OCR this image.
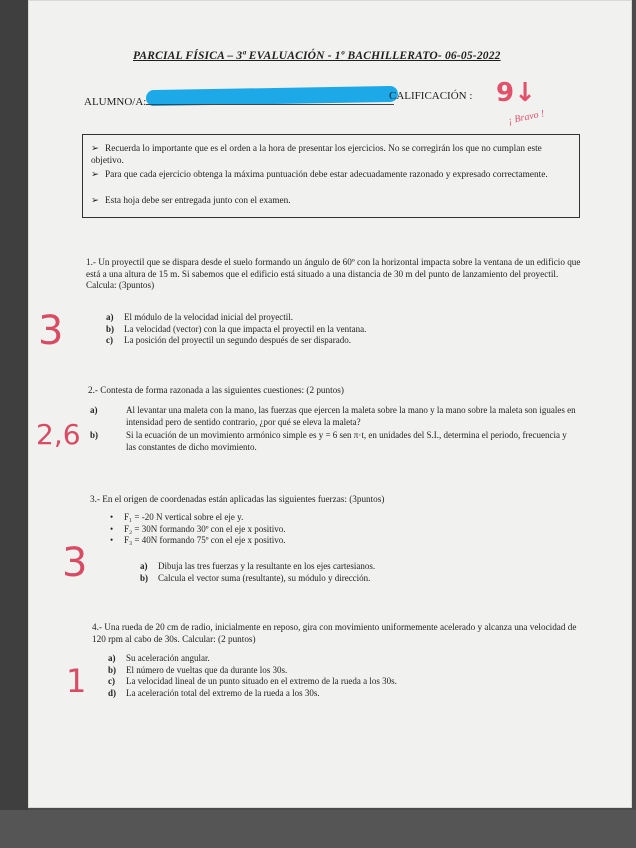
PARCIAL FÍSICA – 3ª EVALUACIÓN - 1º BACHILLERATO- 06-05-2022
ALUMNO/A:	CALIFICACIÓN : 9↓
¡ Bravo !
➢ Recuerda lo importante que es el orden a la hora de presentar los ejercicios. No se corregirán los que no cumplan este objetivo.
➢ Para que cada ejercicio obtenga la máxima puntuación debe estar adecuadamente razonado y expresado correctamente.
➢ Esta hoja debe ser entregada junto con el examen.
1.- Un proyectil que se dispara desde el suelo formando un ángulo de 60º con la horizontal impacta sobre la ventana de un edificio que está a una altura de 15 m. Si sabemos que el edificio está situado a una distancia de 30 m del punto de lanzamiento del proyectil. Calcula: (3puntos)
a) El módulo de la velocidad inicial del proyectil.
b) La velocidad (vector) con la que impacta el proyectil en la ventana.
c) La posición del proyectil un segundo después de ser disparado.
3
2.- Contesta de forma razonada a las siguientes cuestiones: (2 puntos)
a)	Al levantar una maleta con la mano, las fuerzas que ejercen la maleta sobre la mano y la mano sobre la maleta son iguales en intensidad pero de sentido contrario, ¿por qué se eleva la maleta?
b)	Si la ecuación de un movimiento armónico simple es y = 6 sen π·t, en unidades del S.I., determina el periodo, frecuencia y las constantes de dicho movimiento.
2,6
3.- En el origen de coordenadas están aplicadas las siguientes fuerzas: (3puntos)
• F₁ = -20 N vertical sobre el eje y.
• F₂ = 30N formando 30º con el eje x positivo.
• F₃ = 40N formando 75º con el eje x positivo.
a) Dibuja las tres fuerzas y la resultante en los ejes cartesianos.
b) Calcula el vector suma (resultante), su módulo y dirección.
3
4.- Una rueda de 20 cm de radio, inicialmente en reposo, gira con movimiento uniformemente acelerado y alcanza una velocidad de 120 rpm al cabo de 30s. Calcular: (2 puntos)
a) Su aceleración angular.
b) El número de vueltas que da durante los 30s.
c) La velocidad lineal de un punto situado en el extremo de la rueda a los 30s.
d) La aceleración total del extremo de la rueda a los 30s.
1
